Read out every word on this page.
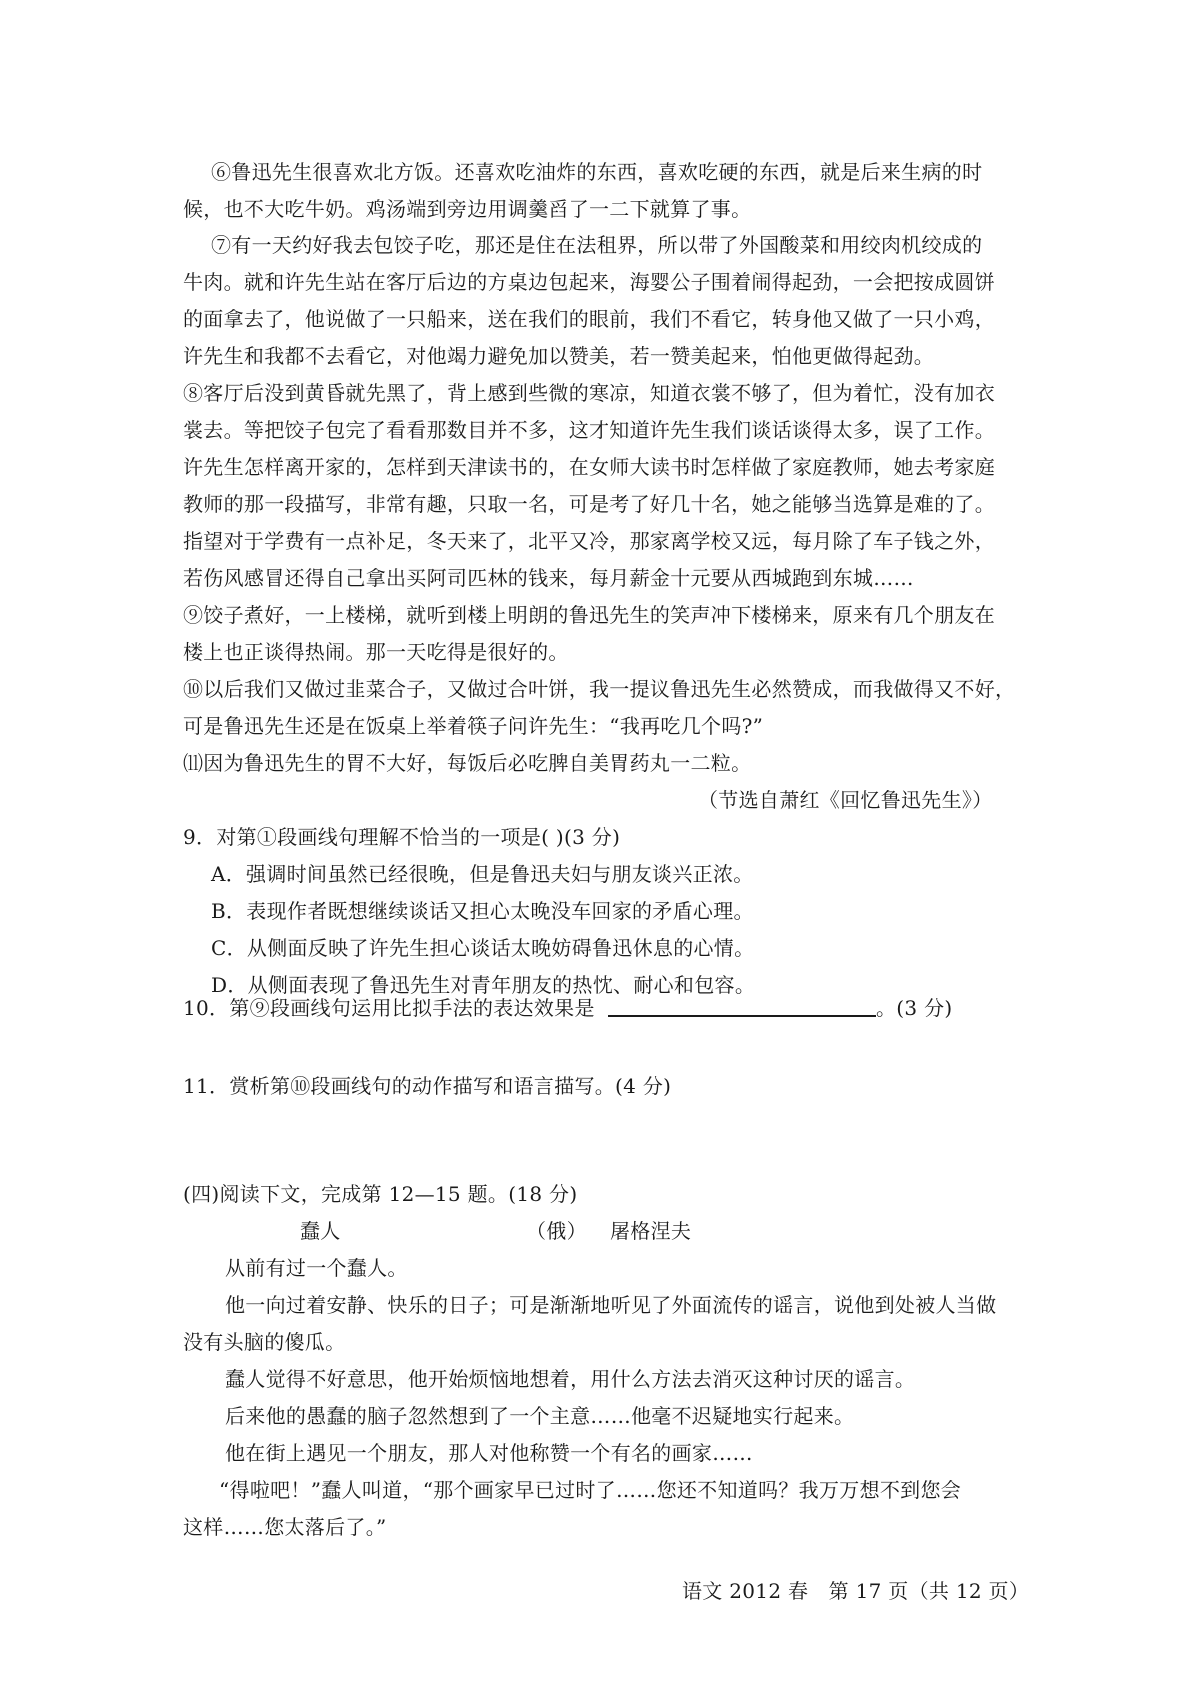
⑥鲁迅先生很喜欢北方饭。还喜欢吃油炸的东西，喜欢吃硬的东西，就是后来生病的时
候，也不大吃牛奶。鸡汤端到旁边用调羹舀了一二下就算了事。
⑦有一天约好我去包饺子吃，那还是住在法租界，所以带了外国酸菜和用绞肉机绞成的
牛肉。就和许先生站在客厅后边的方桌边包起来，海婴公子围着闹得起劲，一会把按成圆饼
的面拿去了，他说做了一只船来，送在我们的眼前，我们不看它，转身他又做了一只小鸡，
许先生和我都不去看它，对他竭力避免加以赞美，若一赞美起来，怕他更做得起劲。
⑧客厅后没到黄昏就先黑了，背上感到些微的寒凉，知道衣裳不够了，但为着忙，没有加衣
裳去。等把饺子包完了看看那数目并不多，这才知道许先生我们谈话谈得太多，误了工作。
许先生怎样离开家的，怎样到天津读书的，在女师大读书时怎样做了家庭教师，她去考家庭
教师的那一段描写，非常有趣，只取一名，可是考了好几十名，她之能够当选算是难的了。
指望对于学费有一点补足，冬天来了，北平又冷，那家离学校又远，每月除了车子钱之外，
若伤风感冒还得自己拿出买阿司匹林的钱来，每月薪金十元要从西城跑到东城……
⑨饺子煮好，一上楼梯，就听到楼上明朗的鲁迅先生的笑声冲下楼梯来，原来有几个朋友在
楼上也正谈得热闹。那一天吃得是很好的。
⑩以后我们又做过韭菜合子，又做过合叶饼，我一提议鲁迅先生必然赞成，而我做得又不好，
可是鲁迅先生还是在饭桌上举着筷子问许先生：“我再吃几个吗?”
⑾因为鲁迅先生的胃不大好，每饭后必吃脾自美胃药丸一二粒。
（节选自萧红《回忆鲁迅先生》）
9．对第①段画线句理解不恰当的一项是( )(3 分)
A．强调时间虽然已经很晚，但是鲁迅夫妇与朋友谈兴正浓。
B．表现作者既想继续谈话又担心太晚没车回家的矛盾心理。
C．从侧面反映了许先生担心谈话太晚妨碍鲁迅休息的心情。
D．从侧面表现了鲁迅先生对青年朋友的热忱、耐心和包容。
10．第⑨段画线句运用比拟手法的表达效果是	。(3 分)
11．赏析第⑩段画线句的动作描写和语言描写。(4 分)
(四)阅读下文，完成第 12—15 题。(18 分)
蠢人	（俄） 屠格涅夫
从前有过一个蠢人。
他一向过着安静、快乐的日子；可是渐渐地听见了外面流传的谣言，说他到处被人当做
没有头脑的傻瓜。
蠢人觉得不好意思，他开始烦恼地想着，用什么方法去消灭这种讨厌的谣言。
后来他的愚蠢的脑子忽然想到了一个主意……他毫不迟疑地实行起来。
他在街上遇见一个朋友，那人对他称赞一个有名的画家……
“得啦吧！”蠢人叫道，“那个画家早已过时了……您还不知道吗？我万万想不到您会
这样……您太落后了。”
语文 2012 春　第 17 页（共 12 页）
